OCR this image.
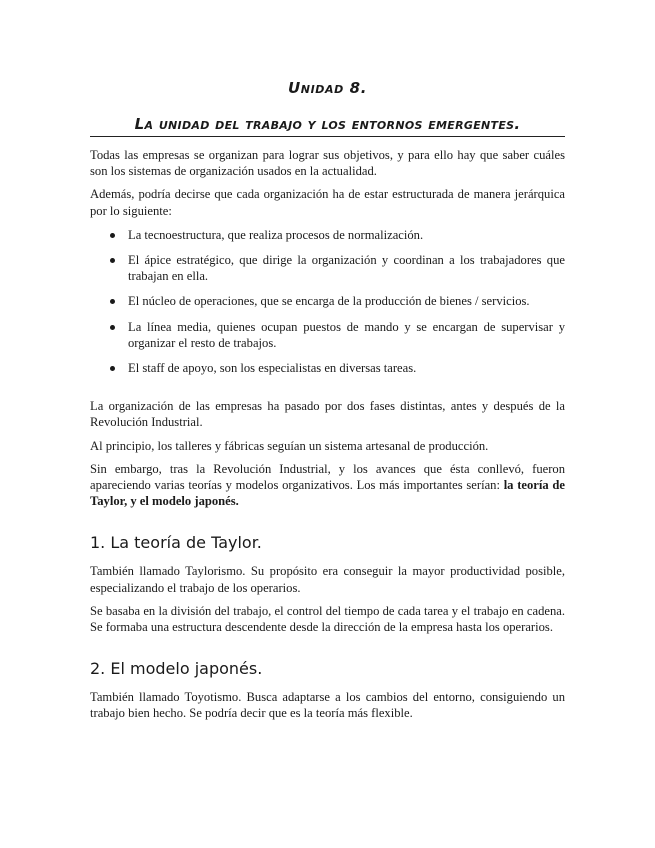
Unidad 8.
La unidad del trabajo y los entornos emergentes.

Todas las empresas se organizan para lograr sus objetivos, y para ello hay que saber cuáles son los sistemas de organización usados en la actualidad.

Además, podría decirse que cada organización ha de estar estructurada de manera jerárquica por lo siguiente:

La tecnoestructura, que realiza procesos de normalización.
El ápice estratégico, que dirige la organización y coordinan a los trabajadores que trabajan en ella.
El núcleo de operaciones, que se encarga de la producción de bienes / servicios.
La línea media, quienes ocupan puestos de mando y se encargan de supervisar y organizar el resto de trabajos.
El staff de apoyo, son los especialistas en diversas tareas.

La organización de las empresas ha pasado por dos fases distintas, antes y después de la Revolución Industrial.

Al principio, los talleres y fábricas seguían un sistema artesanal de producción.

Sin embargo, tras la Revolución Industrial, y los avances que ésta conllevó, fueron apareciendo varias teorías y modelos organizativos. Los más importantes serían: la teoría de Taylor, y el modelo japonés.

1. La teoría de Taylor.

También llamado Taylorismo. Su propósito era conseguir la mayor productividad posible, especializando el trabajo de los operarios.

Se basaba en la división del trabajo, el control del tiempo de cada tarea y el trabajo en cadena. Se formaba una estructura descendente desde la dirección de la empresa hasta los operarios.

2. El modelo japonés.

También llamado Toyotismo. Busca adaptarse a los cambios del entorno, consiguiendo un trabajo bien hecho. Se podría decir que es la teoría más flexible.
